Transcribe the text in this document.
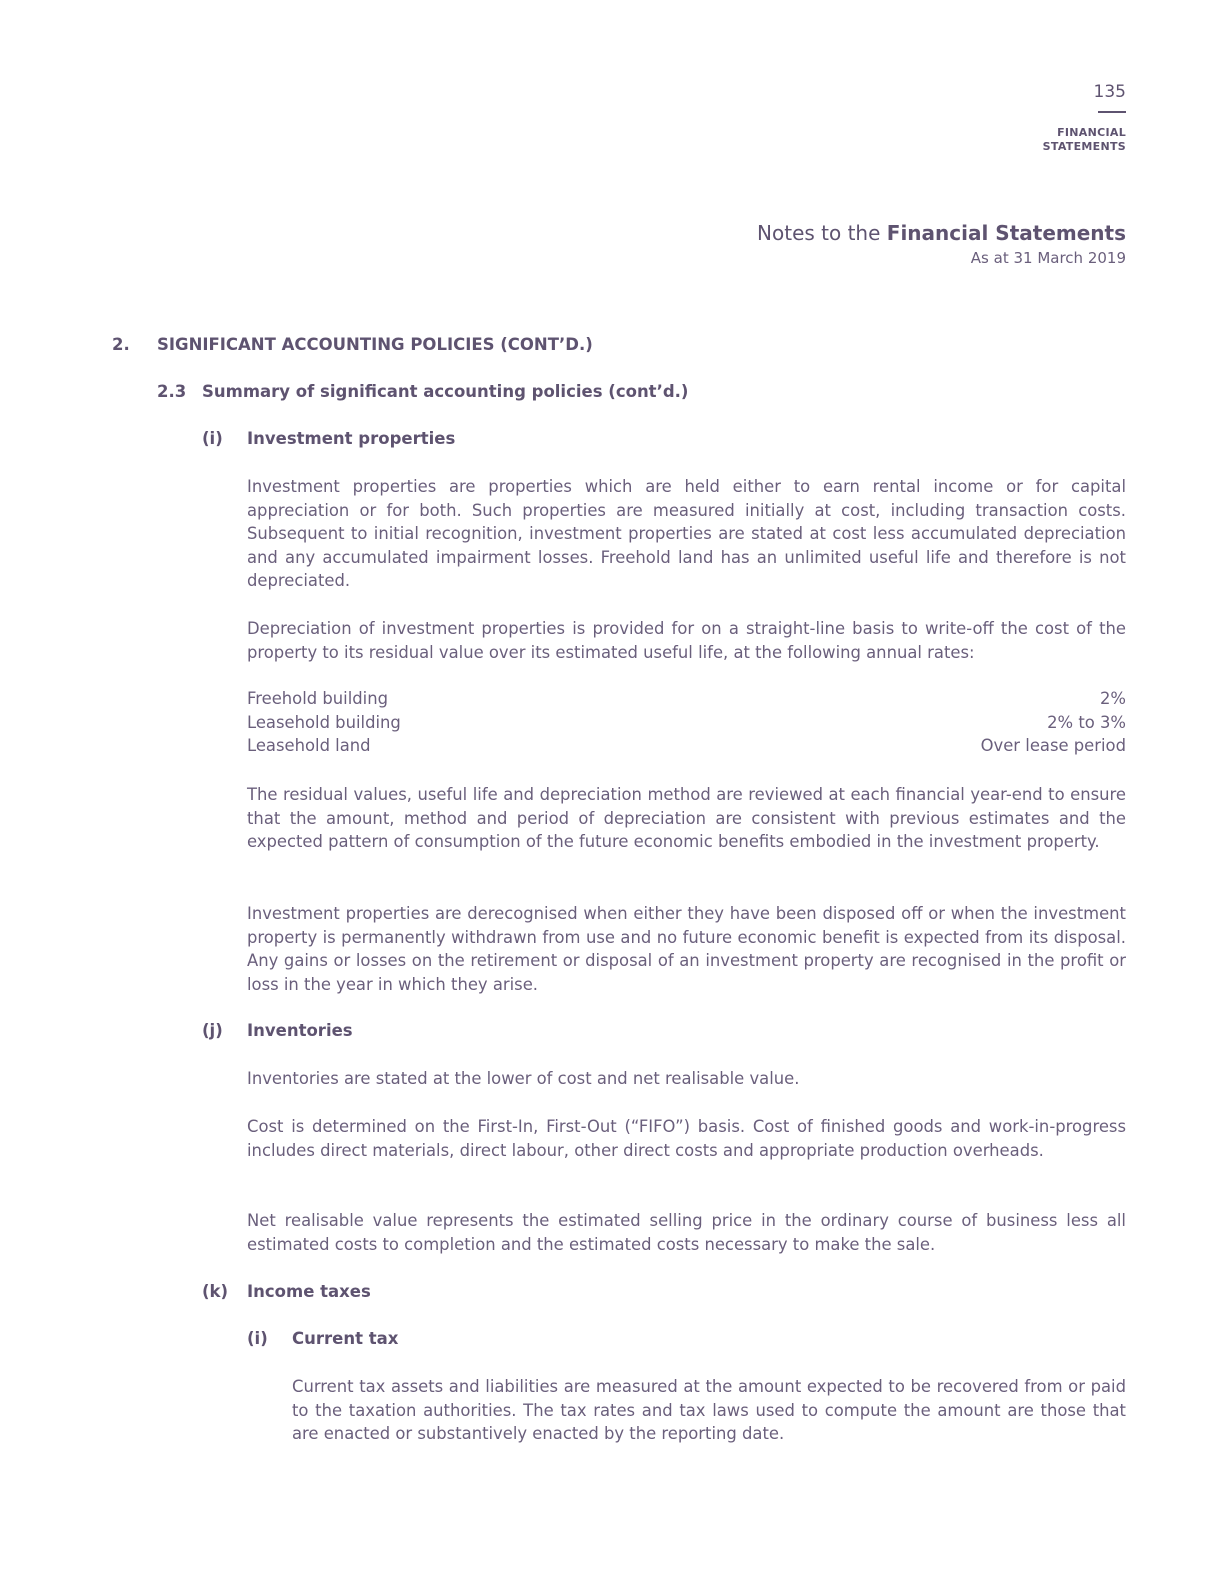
135

FINANCIAL
STATEMENTS
Notes to the Financial Statements

As at 31 March 2019

2. SIGNIFICANT ACCOUNTING POLICIES (CONT’D.)
2.3 Summary of significant accounting policies (cont’d.)
(i) Investment properties

Investment properties are properties which are held either to earn rental income or for capital appreciation or for both. Such properties are measured initially at cost, including transaction costs. Subsequent to initial recognition, investment properties are stated at cost less accumulated depreciation and any accumulated impairment losses. Freehold land has an unlimited useful life and therefore is not depreciated.

Depreciation of investment properties is provided for on a straight-line basis to write-off the cost of the property to its residual value over its estimated useful life, at the following annual rates:

Freehold building	2%
Leasehold building	2% to 3%
Leasehold land	Over lease period

The residual values, useful life and depreciation method are reviewed at each financial year-end to ensure that the amount, method and period of depreciation are consistent with previous estimates and the expected pattern of consumption of the future economic benefits embodied in the investment property.

Investment properties are derecognised when either they have been disposed off or when the investment property is permanently withdrawn from use and no future economic benefit is expected from its disposal. Any gains or losses on the retirement or disposal of an investment property are recognised in the profit or loss in the year in which they arise.

(j) Inventories

Inventories are stated at the lower of cost and net realisable value.

Cost is determined on the First-In, First-Out (“FIFO”) basis. Cost of finished goods and work-in-progress includes direct materials, direct labour, other direct costs and appropriate production overheads.

Net realisable value represents the estimated selling price in the ordinary course of business less all estimated costs to completion and the estimated costs necessary to make the sale.

(k) Income taxes
(i) Current tax

Current tax assets and liabilities are measured at the amount expected to be recovered from or paid to the taxation authorities. The tax rates and tax laws used to compute the amount are those that are enacted or substantively enacted by the reporting date.
